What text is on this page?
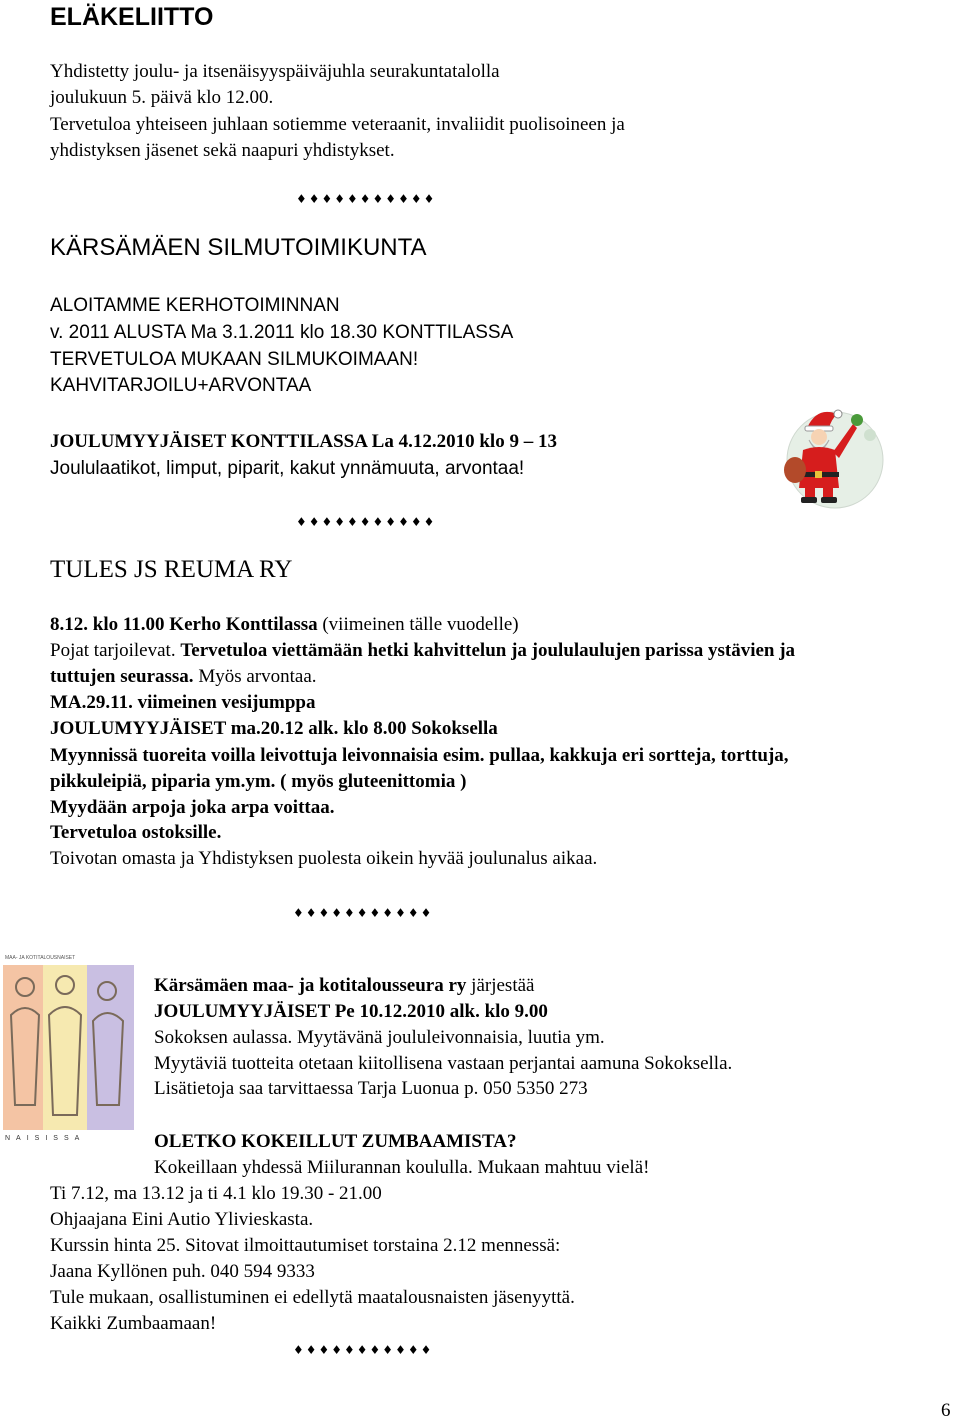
ELÄKELIITTO
Yhdistetty joulu- ja itsenäisyyspäiväjuhla seurakuntatalolla
joulukuun 5. päivä klo 12.00.
Tervetuloa yhteiseen juhlaan sotiemme veteraanit, invaliidit puolisoineen ja
yhdistyksen jäsenet sekä naapuri yhdistykset.
♦♦♦♦♦♦♦♦♦♦♦
KÄRSÄMÄEN SILMUTOIMIKUNTA
ALOITAMME KERHOTOIMINNAN
v. 2011 ALUSTA Ma 3.1.2011 klo 18.30 KONTTILASSA
TERVETULOA MUKAAN SILMUKOIMAAN!
KAHVITARJOILU+ARVONTAA
JOULUMYYJÄISET KONTTILASSA La 4.12.2010 klo 9 – 13
Joululaatikot, limput, piparit, kakut ynnämuuta, arvontaa!
♦♦♦♦♦♦♦♦♦♦♦
TULES JS REUMA RY
8.12. klo 11.00 Kerho Konttilassa (viimeinen tälle vuodelle)
Pojat tarjoilevat. Tervetuloa viettämään hetki kahvittelun ja joululaulujen parissa ystävien ja
tuttujen seurassa. Myös arvontaa.
MA.29.11. viimeinen vesijumppa
JOULUMYYJÄISET ma.20.12 alk. klo 8.00 Sokoksella
Myynnissä tuoreita voilla leivottuja leivonnaisia esim. pullaa, kakkuja eri sortteja, torttuja,
pikkuleipiä, piparia ym.ym. ( myös gluteenittomia )
Myydään arpoja joka arpa voittaa.
Tervetuloa ostoksille.
Toivotan omasta ja Yhdistyksen puolesta oikein hyvää joulunalus aikaa.
♦♦♦♦♦♦♦♦♦♦♦
MAA- JA KOTITALOUSNAISET
NAISISSA
Kärsämäen maa- ja kotitalousseura ry järjestää
JOULUMYYJÄISET Pe 10.12.2010 alk. klo 9.00
Sokoksen aulassa. Myytävänä joululeivonnaisia, luutia ym.
Myytäviä tuotteita otetaan kiitollisena vastaan perjantai aamuna Sokoksella.
Lisätietoja saa tarvittaessa Tarja Luonua p. 050 5350 273
OLETKO KOKEILLUT ZUMBAAMISTA?
Kokeillaan yhdessä Miilurannan koululla. Mukaan mahtuu vielä!
Ti 7.12, ma 13.12 ja ti 4.1 klo 19.30 - 21.00
Ohjaajana Eini Autio Ylivieskasta.
Kurssin hinta 25. Sitovat ilmoittautumiset torstaina 2.12 mennessä:
Jaana Kyllönen puh. 040 594 9333
Tule mukaan, osallistuminen ei edellytä maatalousnaisten jäsenyyttä.
Kaikki Zumbaamaan!
♦♦♦♦♦♦♦♦♦♦♦
6
